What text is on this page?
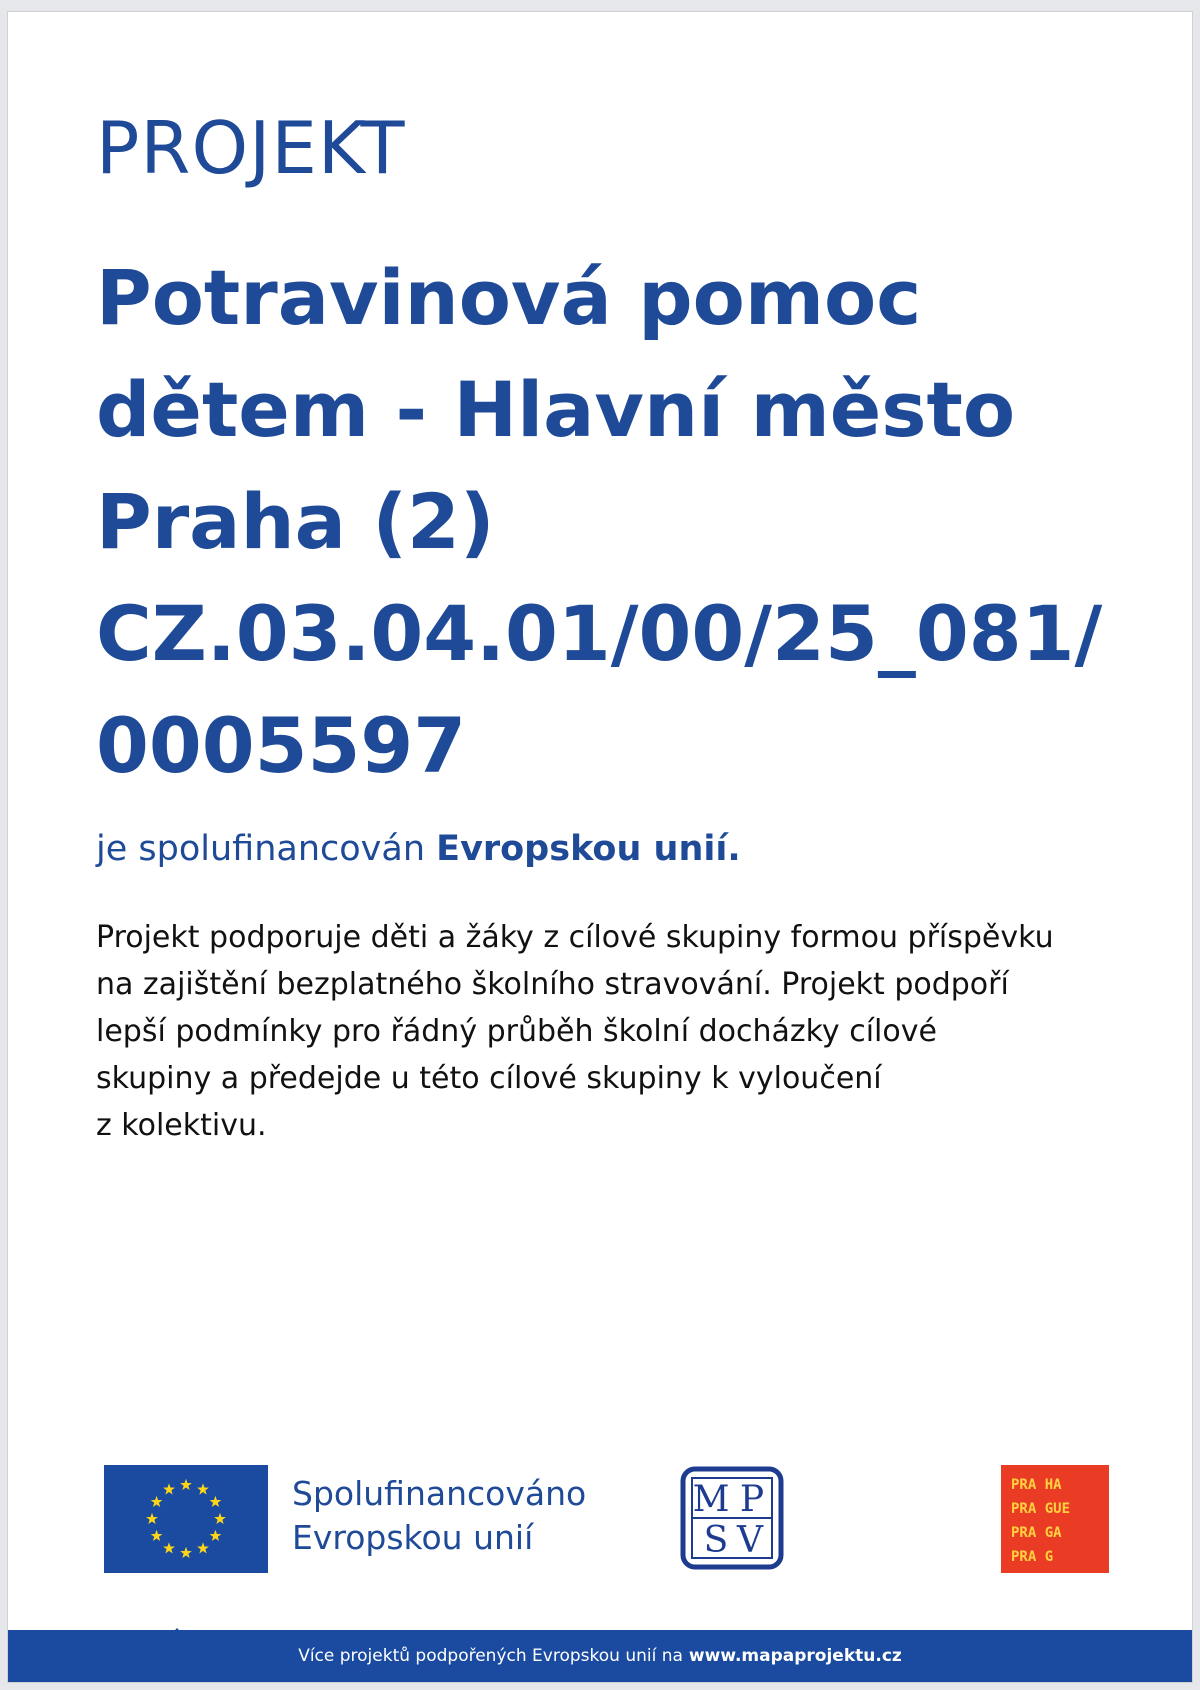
PROJEKT
Potravinová pomoc
dětem - Hlavní město
Praha (2)
CZ.03.04.01/00/25_081/
0005597
je spolufinancován Evropskou unií.
Projekt podporuje děti a žáky z cílové skupiny formou příspěvku
na zajištění bezplatného školního stravování. Projekt podpoří
lepší podmínky pro řádný průběh školní docházky cílové
skupiny a předejde u této cílové skupiny k vyloučení
z kolektivu.
Spolufinancováno
Evropskou unií
M P
S V
PRA HA
PRA GUE
PRA GA
PRA G
Více projektů podpořených Evropskou unií na www.mapaprojektu.cz
